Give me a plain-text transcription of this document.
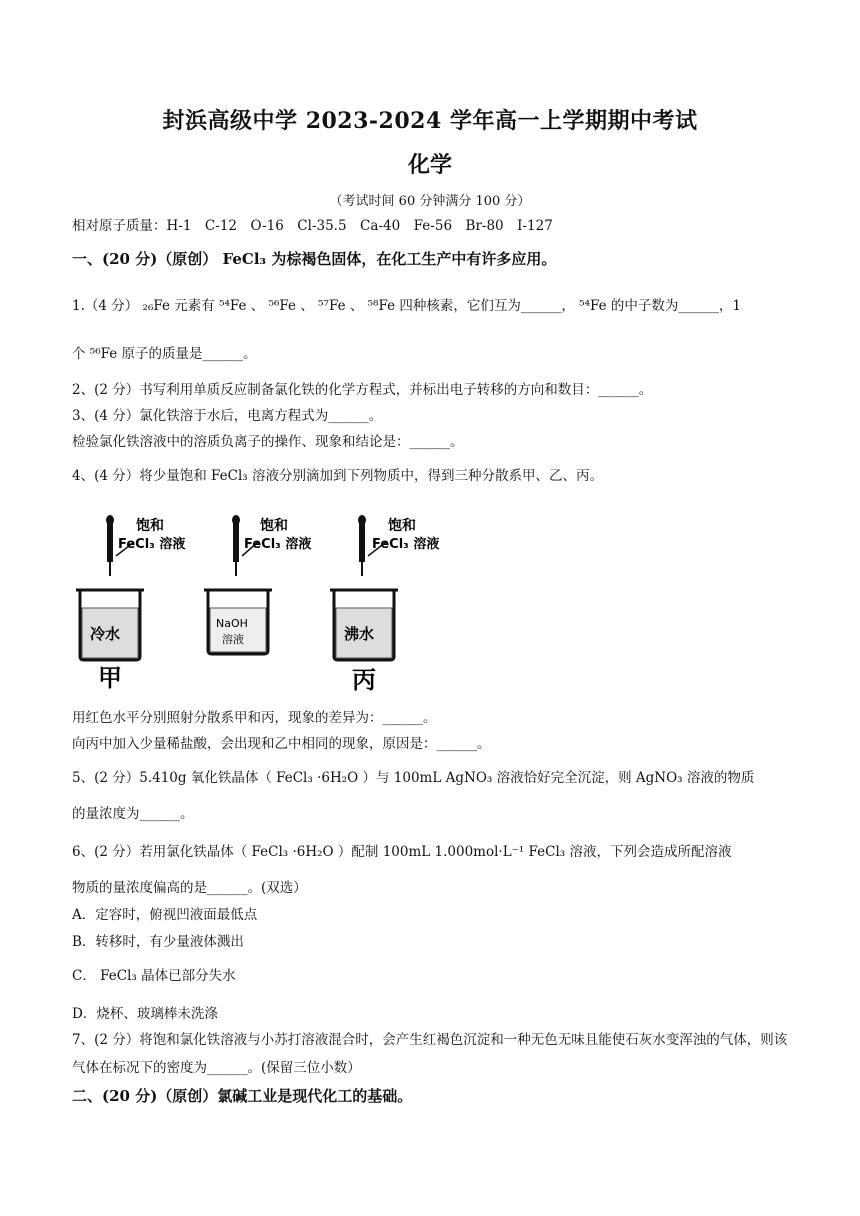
封浜高级中学 2023-2024 学年高一上学期期中考试
化学
（考试时间 60 分钟满分 100 分）
相对原子质量：H-1　C-12　O-16　Cl-35.5　Ca-40　Fe-56　Br-80　I-127
一、(20 分)（原创） FeCl₃ 为棕褐色固体，在化工生产中有许多应用。
1.（4 分） ₂₆Fe 元素有 ⁵⁴Fe 、 ⁵⁶Fe 、 ⁵⁷Fe 、 ⁵⁸Fe 四种核素，它们互为______， ⁵⁴Fe 的中子数为______，1
个 ⁵⁶Fe 原子的质量是______。
2、(2 分）书写利用单质反应制备氯化铁的化学方程式，并标出电子转移的方向和数目：______。
3、(4 分）氯化铁溶于水后，电离方程式为______。
检验氯化铁溶液中的溶质负离子的操作、现象和结论是：______。
4、(4 分）将少量饱和 FeCl₃ 溶液分别滴加到下列物质中，得到三种分散系甲、乙、丙。
饱和
FeCl₃ 溶液
冷水
甲
饱和
FeCl₃ 溶液
NaOH
溶液
饱和
FeCl₃ 溶液
沸水
丙
用红色水平分别照射分散系甲和丙，现象的差异为：______。
向丙中加入少量稀盐酸，会出现和乙中相同的现象，原因是：______。
5、(2 分）5.410g 氧化铁晶体（ FeCl₃ ·6H₂O ）与 100mL AgNO₃ 溶液恰好完全沉淀，则 AgNO₃ 溶液的物质
的量浓度为______。
6、(2 分）若用氯化铁晶体（ FeCl₃ ·6H₂O ）配制 100mL 1.000mol·L⁻¹ FeCl₃ 溶液，下列会造成所配溶液
物质的量浓度偏高的是______。(双选）
A．定容时，俯视凹液面最低点
B．转移时，有少量液体溅出
C． FeCl₃ 晶体已部分失水
D．烧杯、玻璃棒未洗涤
7、(2 分）将饱和氯化铁溶液与小苏打溶液混合时，会产生红褐色沉淀和一种无色无味且能使石灰水变浑浊的气体，则该气体在标况下的密度为______。(保留三位小数）
二、(20 分)（原创）氯碱工业是现代化工的基础。
